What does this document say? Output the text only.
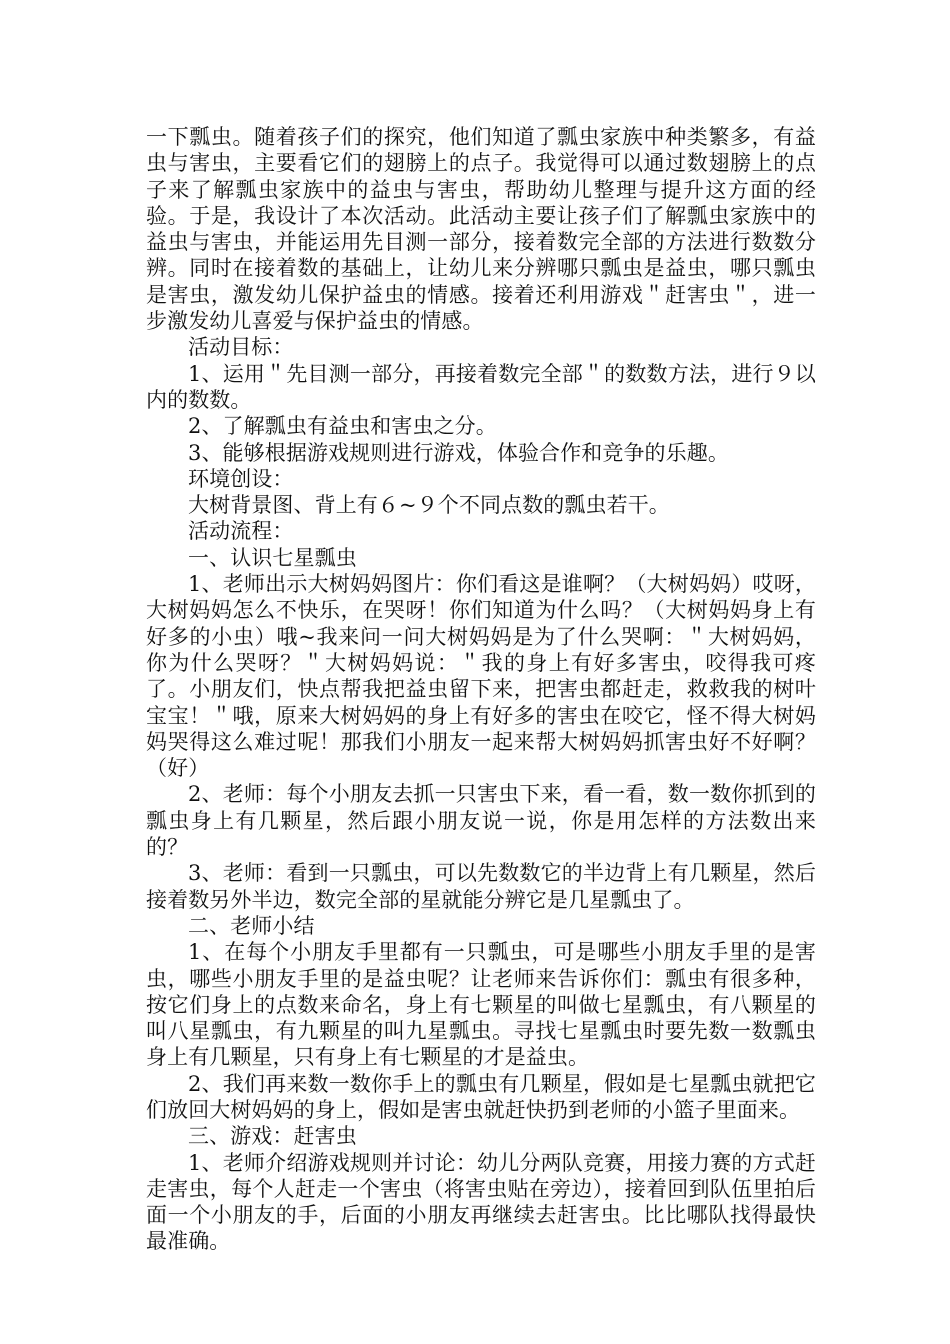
一下瓢虫。随着孩子们的探究，他们知道了瓢虫家族中种类繁多，有益虫与害虫，主要看它们的翅膀上的点子。我觉得可以通过数翅膀上的点子来了解瓢虫家族中的益虫与害虫，帮助幼儿整理与提升这方面的经验。于是，我设计了本次活动。此活动主要让孩子们了解瓢虫家族中的益虫与害虫，并能运用先目测一部分，接着数完全部的方法进行数数分辨。同时在接着数的基础上，让幼儿来分辨哪只瓢虫是益虫，哪只瓢虫是害虫，激发幼儿保护益虫的情感。接着还利用游戏＂赶害虫＂，进一步激发幼儿喜爱与保护益虫的情感。

活动目标：

1、运用＂先目测一部分，再接着数完全部＂的数数方法，进行９以内的数数。

2、了解瓢虫有益虫和害虫之分。

3、能够根据游戏规则进行游戏，体验合作和竞争的乐趣。

环境创设：

大树背景图、背上有６~９个不同点数的瓢虫若干。

活动流程：

一、认识七星瓢虫

1、老师出示大树妈妈图片：你们看这是谁啊？（大树妈妈）哎呀，大树妈妈怎么不快乐，在哭呀！你们知道为什么吗？（大树妈妈身上有好多的小虫）哦~我来问一问大树妈妈是为了什么哭啊：＂大树妈妈，你为什么哭呀？＂大树妈妈说：＂我的身上有好多害虫，咬得我可疼了。小朋友们，快点帮我把益虫留下来，把害虫都赶走，救救我的树叶宝宝！＂哦，原来大树妈妈的身上有好多的害虫在咬它，怪不得大树妈妈哭得这么难过呢！那我们小朋友一起来帮大树妈妈抓害虫好不好啊？（好）

2、老师：每个小朋友去抓一只害虫下来，看一看，数一数你抓到的瓢虫身上有几颗星，然后跟小朋友说一说，你是用怎样的方法数出来的？

3、老师：看到一只瓢虫，可以先数数它的半边背上有几颗星，然后接着数另外半边，数完全部的星就能分辨它是几星瓢虫了。

二、老师小结

1、在每个小朋友手里都有一只瓢虫，可是哪些小朋友手里的是害虫，哪些小朋友手里的是益虫呢？让老师来告诉你们：瓢虫有很多种，按它们身上的点数来命名，身上有七颗星的叫做七星瓢虫，有八颗星的叫八星瓢虫，有九颗星的叫九星瓢虫。寻找七星瓢虫时要先数一数瓢虫身上有几颗星，只有身上有七颗星的才是益虫。

2、我们再来数一数你手上的瓢虫有几颗星，假如是七星瓢虫就把它们放回大树妈妈的身上，假如是害虫就赶快扔到老师的小篮子里面来。

三、游戏：赶害虫

1、老师介绍游戏规则并讨论：幼儿分两队竞赛，用接力赛的方式赶走害虫，每个人赶走一个害虫（将害虫贴在旁边），接着回到队伍里拍后面一个小朋友的手，后面的小朋友再继续去赶害虫。比比哪队找得最快最准确。
